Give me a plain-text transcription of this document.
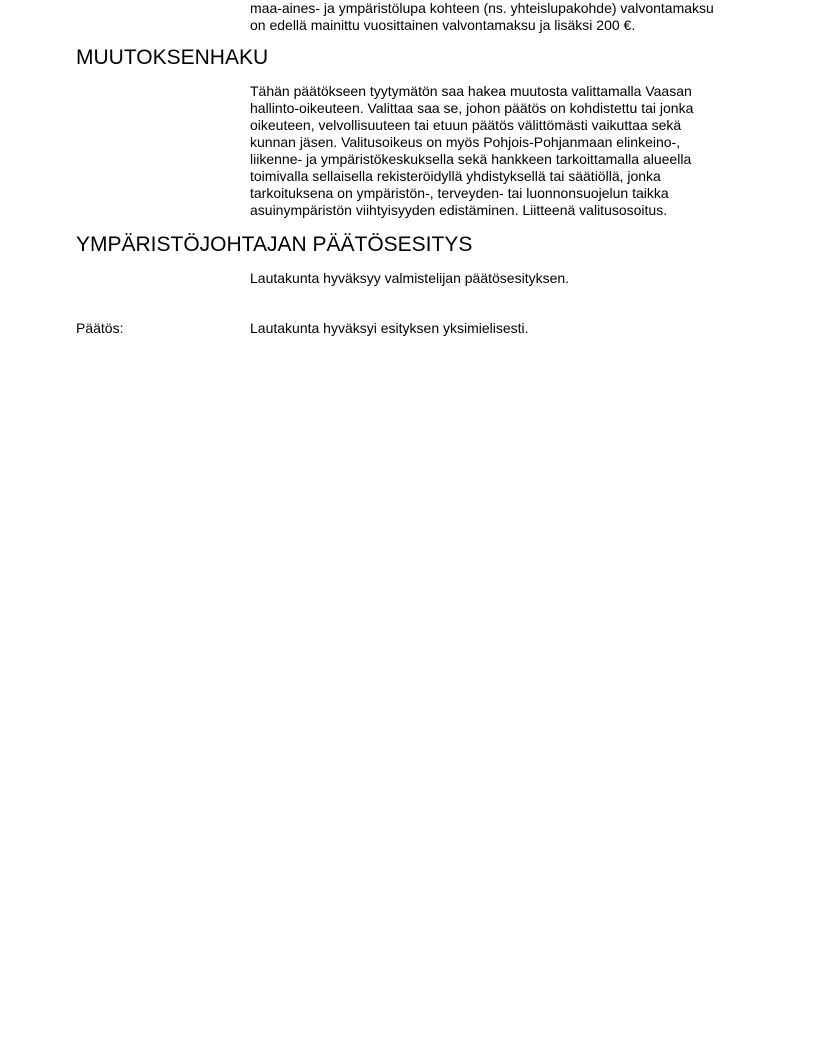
maa-aines- ja ympäristölupa kohteen (ns. yhteislupakohde) valvontamaksu
on edellä mainittu vuosittainen valvontamaksu ja lisäksi 200 €.

MUUTOKSENHAKU

Tähän päätökseen tyytymätön saa hakea muutosta valittamalla Vaasan
hallinto-oikeuteen. Valittaa saa se, johon päätös on kohdistettu tai jonka
oikeuteen, velvollisuuteen tai etuun päätös välittömästi vaikuttaa sekä
kunnan jäsen. Valitusoikeus on myös Pohjois-Pohjanmaan elinkeino-,
liikenne- ja ympäristökeskuksella sekä hankkeen tarkoittamalla alueella
toimivalla sellaisella rekisteröidyllä yhdistyksellä tai säätiöllä, jonka
tarkoituksena on ympäristön-, terveyden- tai luonnonsuojelun taikka
asuinympäristön viihtyisyyden edistäminen. Liitteenä valitusosoitus.

YMPÄRISTÖJOHTAJAN PÄÄTÖSESITYS

Lautakunta hyväksyy valmistelijan päätösesityksen.

Päätös:	Lautakunta hyväksyi esityksen yksimielisesti.
